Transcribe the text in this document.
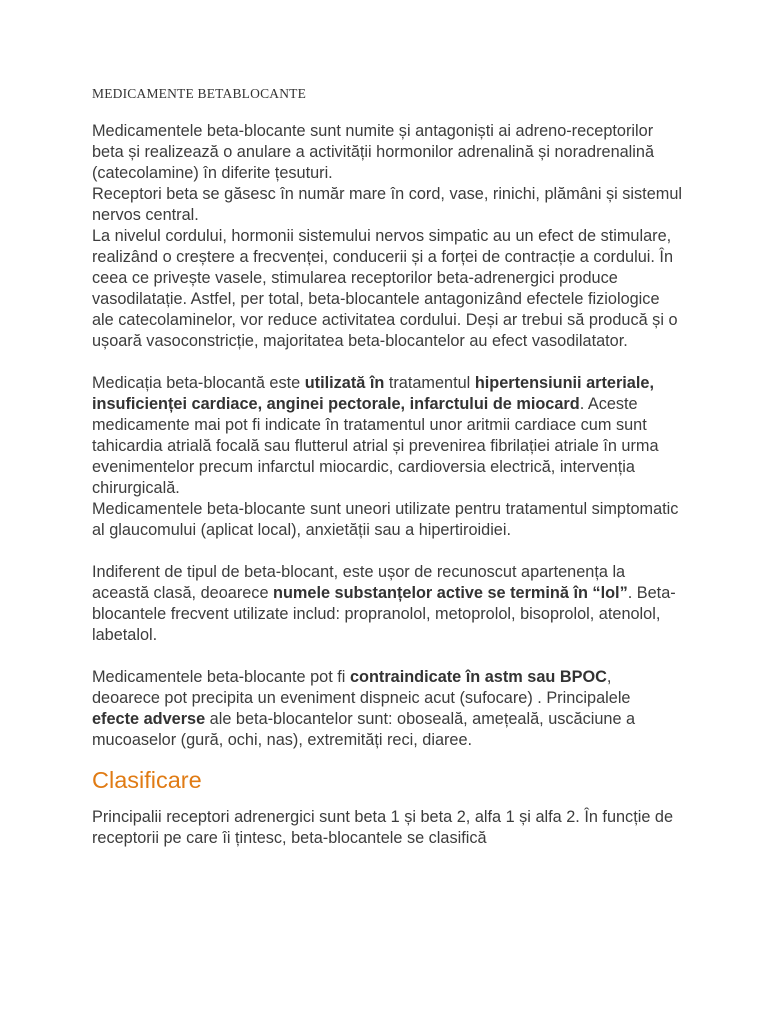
MEDICAMENTE BETABLOCANTE

Medicamentele beta-blocante sunt numite și antagoniști ai adreno-receptorilor beta și realizează o anulare a activității hormonilor adrenalină și noradrenalină (catecolamine) în diferite țesuturi.

Receptori beta se găsesc în număr mare în cord, vase, rinichi, plămâni și sistemul nervos central.

La nivelul cordului, hormonii sistemului nervos simpatic au un efect de stimulare, realizând o creștere a frecvenței, conducerii și a forței de contracție a cordului. În ceea ce privește vasele, stimularea receptorilor beta-adrenergici produce vasodilatație. Astfel, per total, beta-blocantele antagonizând efectele fiziologice ale catecolaminelor, vor reduce activitatea cordului. Deși ar trebui să producă și o ușoară vasoconstricție, majoritatea beta-blocantelor au efect vasodilatator.

Medicația beta-blocantă este utilizată în tratamentul hipertensiunii arteriale, insuficienței cardiace, anginei pectorale, infarctului de miocard. Aceste medicamente mai pot fi indicate în tratamentul unor aritmii cardiace cum sunt tahicardia atrială focală sau flutterul atrial și prevenirea fibrilației atriale în urma evenimentelor precum infarctul miocardic, cardioversia electrică, intervenția chirurgicală.

Medicamentele beta-blocante sunt uneori utilizate pentru tratamentul simptomatic al glaucomului (aplicat local), anxietății sau a hipertiroidiei.

Indiferent de tipul de beta-blocant, este ușor de recunoscut apartenența la această clasă, deoarece numele substanțelor active se termină în “lol”. Beta-blocantele frecvent utilizate includ: propranolol, metoprolol, bisoprolol, atenolol, labetalol.

Medicamentele beta-blocante pot fi contraindicate în astm sau BPOC, deoarece pot precipita un eveniment dispneic acut (sufocare) . Principalele efecte adverse ale beta-blocantelor sunt: oboseală, amețeală, uscăciune a mucoaselor (gură, ochi, nas), extremități reci, diaree.

Clasificare

Principalii receptori adrenergici sunt beta 1 și beta 2, alfa 1 și alfa 2. În funcție de receptorii pe care îi țintesc, beta-blocantele se clasifică
